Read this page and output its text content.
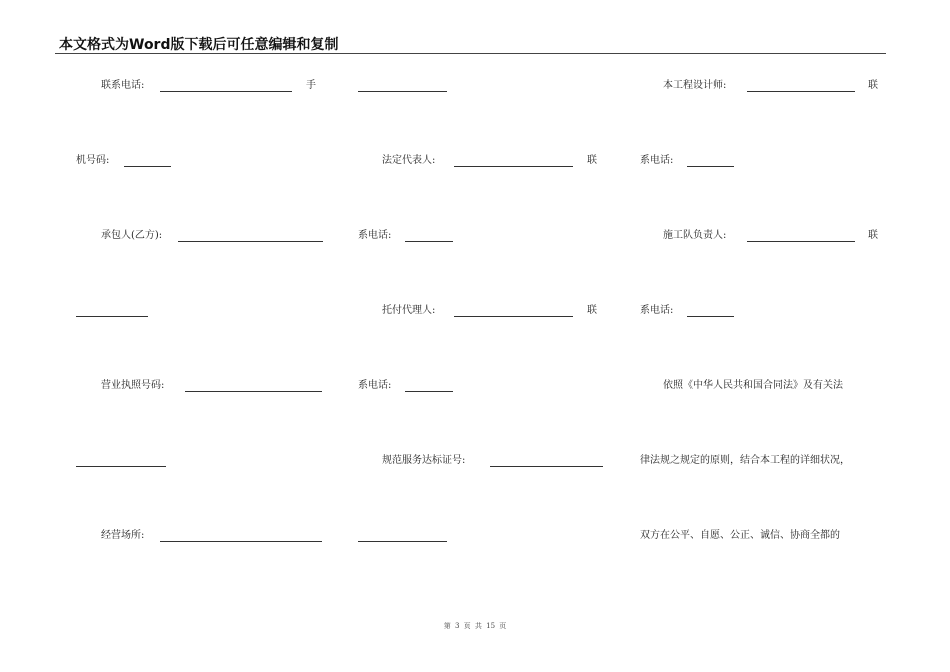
本文格式为Word版下载后可任意编辑和复制
联系电话:	手	本工程设计师:	联
机号码:	法定代表人:	联	系电话:
承包人(乙方):	系电话:	施工队负责人:	联
托付代理人:	联	系电话:
营业执照号码:	系电话:	依照《中华人民共和国合同法》及有关法
规范服务达标证号:	律法规之规定的原则，结合本工程的详细状况，
经营场所:	双方在公平、自愿、公正、诚信、协商全都的
第 3 页 共 15 页
